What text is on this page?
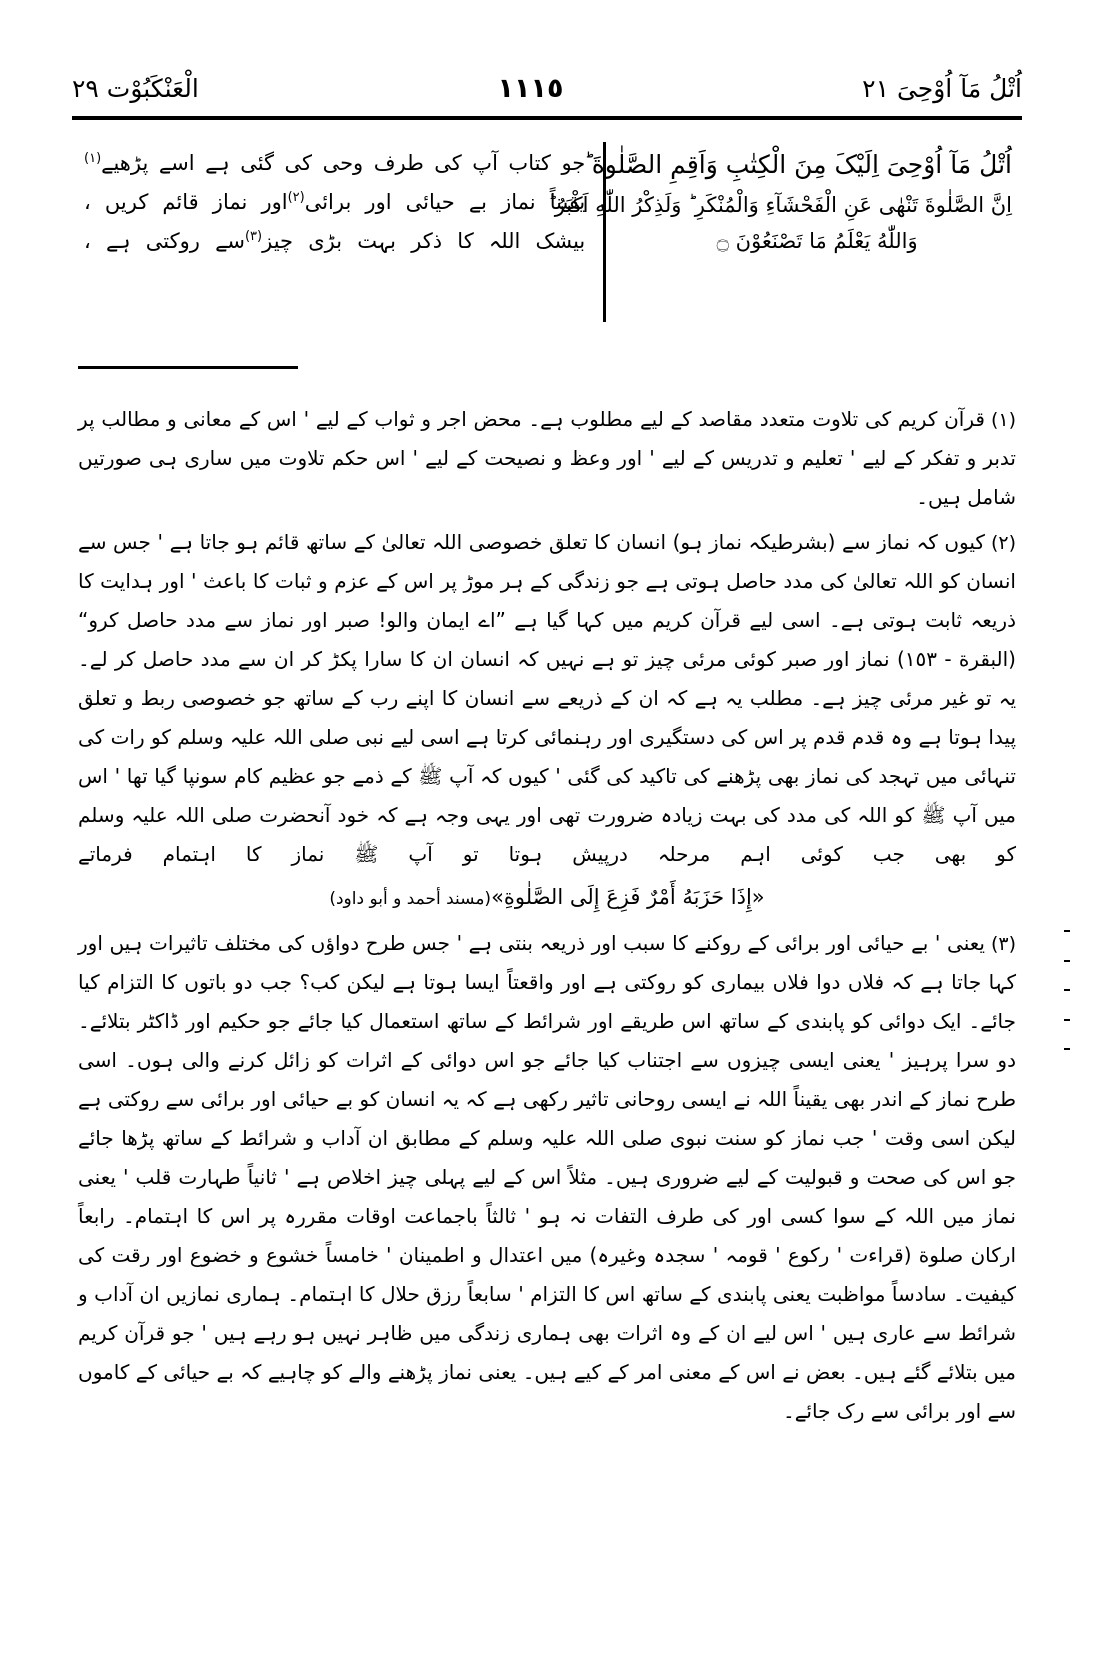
اُتْلُ مَآ اُوْحِیَ ٢١
١١١٥
الْعَنْکَبُوْت ٢٩
اُتْلُ مَآ اُوْحِیَ اِلَیْکَ مِنَ الْکِتٰبِ وَاَقِمِ الصَّلٰوةَ ؕ
اِنَّ الصَّلٰوةَ تَنْهٰی عَنِ الْفَحْشَآءِ وَالْمُنْکَرِ ؕ وَلَذِکْرُ اللّٰهِ اَکْبَرُ ؕ
وَاللّٰهُ یَعْلَمُ مَا تَصْنَعُوْنَ ۝
جو کتاب آپ کی طرف وحی کی گئی ہے اسے پڑھیے$^{(١)}$
یقیناً نماز بے حیائی اور برائی$^{(٢)}$اور نماز قائم کریں ،
بیشک اللہ کا ذکر بہت بڑی چیز$^{(٣)}$سے روکتی ہے ،

(١)قرآن کریم کی تلاوت متعدد مقاصد کے لیے مطلوب ہے۔ محض اجر و ثواب کے لیے ' اس کے معانی و مطالب پر تدبر و تفکر کے لیے ' تعلیم و تدریس کے لیے ' اور وعظ و نصیحت کے لیے ' اس حکم تلاوت میں ساری ہی صورتیں شامل ہیں۔

(٢)کیوں کہ نماز سے (بشرطیکہ نماز ہو) انسان کا تعلق خصوصی اللہ تعالیٰ کے ساتھ قائم ہو جاتا ہے ' جس سے انسان کو اللہ تعالیٰ کی مدد حاصل ہوتی ہے جو زندگی کے ہر موڑ پر اس کے عزم و ثبات کا باعث ' اور ہدایت کا ذریعہ ثابت ہوتی ہے۔ اسی لیے قرآن کریم میں کہا گیا ہے ”اے ایمان والو! صبر اور نماز سے مدد حاصل کرو“ (البقرة - ١٥٣) نماز اور صبر کوئی مرئی چیز تو ہے نہیں کہ انسان ان کا سارا پکڑ کر ان سے مدد حاصل کر لے۔ یہ تو غیر مرئی چیز ہے۔ مطلب یہ ہے کہ ان کے ذریعے سے انسان کا اپنے رب کے ساتھ جو خصوصی ربط و تعلق پیدا ہوتا ہے وہ قدم قدم پر اس کی دستگیری اور رہنمائی کرتا ہے اسی لیے نبی صلی اللہ علیہ وسلم کو رات کی تنہائی میں تہجد کی نماز بھی پڑھنے کی تاکید کی گئی ' کیوں کہ آپ ﷺ کے ذمے جو عظیم کام سونپا گیا تھا ' اس میں آپ ﷺ کو اللہ کی مدد کی بہت زیادہ ضرورت تھی اور یہی وجہ ہے کہ خود آنحضرت صلی اللہ علیہ وسلم کو بھی جب کوئی اہم مرحلہ درپیش ہوتا تو آپ ﷺ نماز کا اہتمام فرماتے

«إِذَا حَزَبَهُ أَمْرٌ فَزِعَ إِلَى الصَّلٰوةِ»(مسند أحمد و أبو داود)

(٣)یعنی ' بے حیائی اور برائی کے روکنے کا سبب اور ذریعہ بنتی ہے ' جس طرح دواؤں کی مختلف تاثیرات ہیں اور کہا جاتا ہے کہ فلاں دوا فلاں بیماری کو روکتی ہے اور واقعتاً ایسا ہوتا ہے لیکن کب؟ جب دو باتوں کا التزام کیا جائے۔ ایک دوائی کو پابندی کے ساتھ اس طریقے اور شرائط کے ساتھ استعمال کیا جائے جو حکیم اور ڈاکٹر بتلائے۔ دو سرا پرہیز ' یعنی ایسی چیزوں سے اجتناب کیا جائے جو اس دوائی کے اثرات کو زائل کرنے والی ہوں۔ اسی طرح نماز کے اندر بھی یقیناً اللہ نے ایسی روحانی تاثیر رکھی ہے کہ یہ انسان کو بے حیائی اور برائی سے روکتی ہے لیکن اسی وقت ' جب نماز کو سنت نبوی صلی اللہ علیہ وسلم کے مطابق ان آداب و شرائط کے ساتھ پڑھا جائے جو اس کی صحت و قبولیت کے لیے ضروری ہیں۔ مثلاً اس کے لیے پہلی چیز اخلاص ہے ' ثانیاً طہارت قلب ' یعنی نماز میں اللہ کے سوا کسی اور کی طرف التفات نہ ہو ' ثالثاً باجماعت اوقات مقررہ پر اس کا اہتمام۔ رابعاً ارکان صلوة (قراءت ' رکوع ' قومہ ' سجدہ وغیرہ) میں اعتدال و اطمینان ' خامساً خشوع و خضوع اور رقت کی کیفیت۔ سادساً مواظبت یعنی پابندی کے ساتھ اس کا التزام ' سابعاً رزق حلال کا اہتمام۔ ہماری نمازیں ان آداب و شرائط سے عاری ہیں ' اس لیے ان کے وہ اثرات بھی ہماری زندگی میں ظاہر نہیں ہو رہے ہیں ' جو قرآن کریم میں بتلائے گئے ہیں۔ بعض نے اس کے معنی امر کے کیے ہیں۔ یعنی نماز پڑھنے والے کو چاہیے کہ بے حیائی کے کاموں سے اور برائی سے رک جائے۔
